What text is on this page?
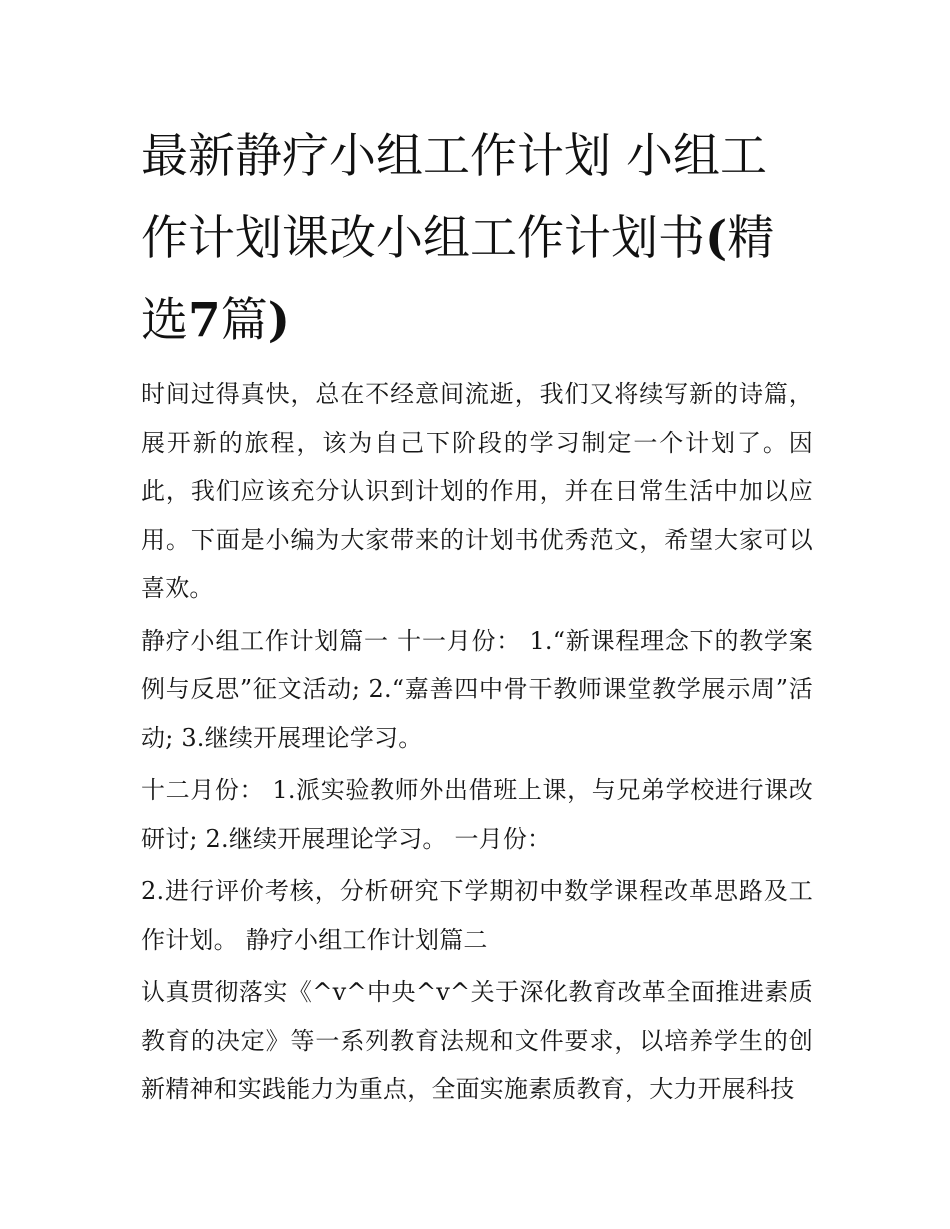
最新静疗小组工作计划 小组工作计划课改小组工作计划书(精选7篇)

时间过得真快，总在不经意间流逝，我们又将续写新的诗篇，展开新的旅程，该为自己下阶段的学习制定一个计划了。因此，我们应该充分认识到计划的作用，并在日常生活中加以应用。下面是小编为大家带来的计划书优秀范文，希望大家可以喜欢。

静疗小组工作计划篇一 十一月份： 1.“新课程理念下的教学案例与反思”征文活动; 2.“嘉善四中骨干教师课堂教学展示周”活动; 3.继续开展理论学习。

十二月份： 1.派实验教师外出借班上课，与兄弟学校进行课改研讨; 2.继续开展理论学习。 一月份：

2.进行评价考核，分析研究下学期初中数学课程改革思路及工作计划。 静疗小组工作计划篇二

认真贯彻落实《^v^中央^v^关于深化教育改革全面推进素质教育的决定》等一系列教育法规和文件要求，以培养学生的创新精神和实践能力为重点，全面实施素质教育，大力开展科技
